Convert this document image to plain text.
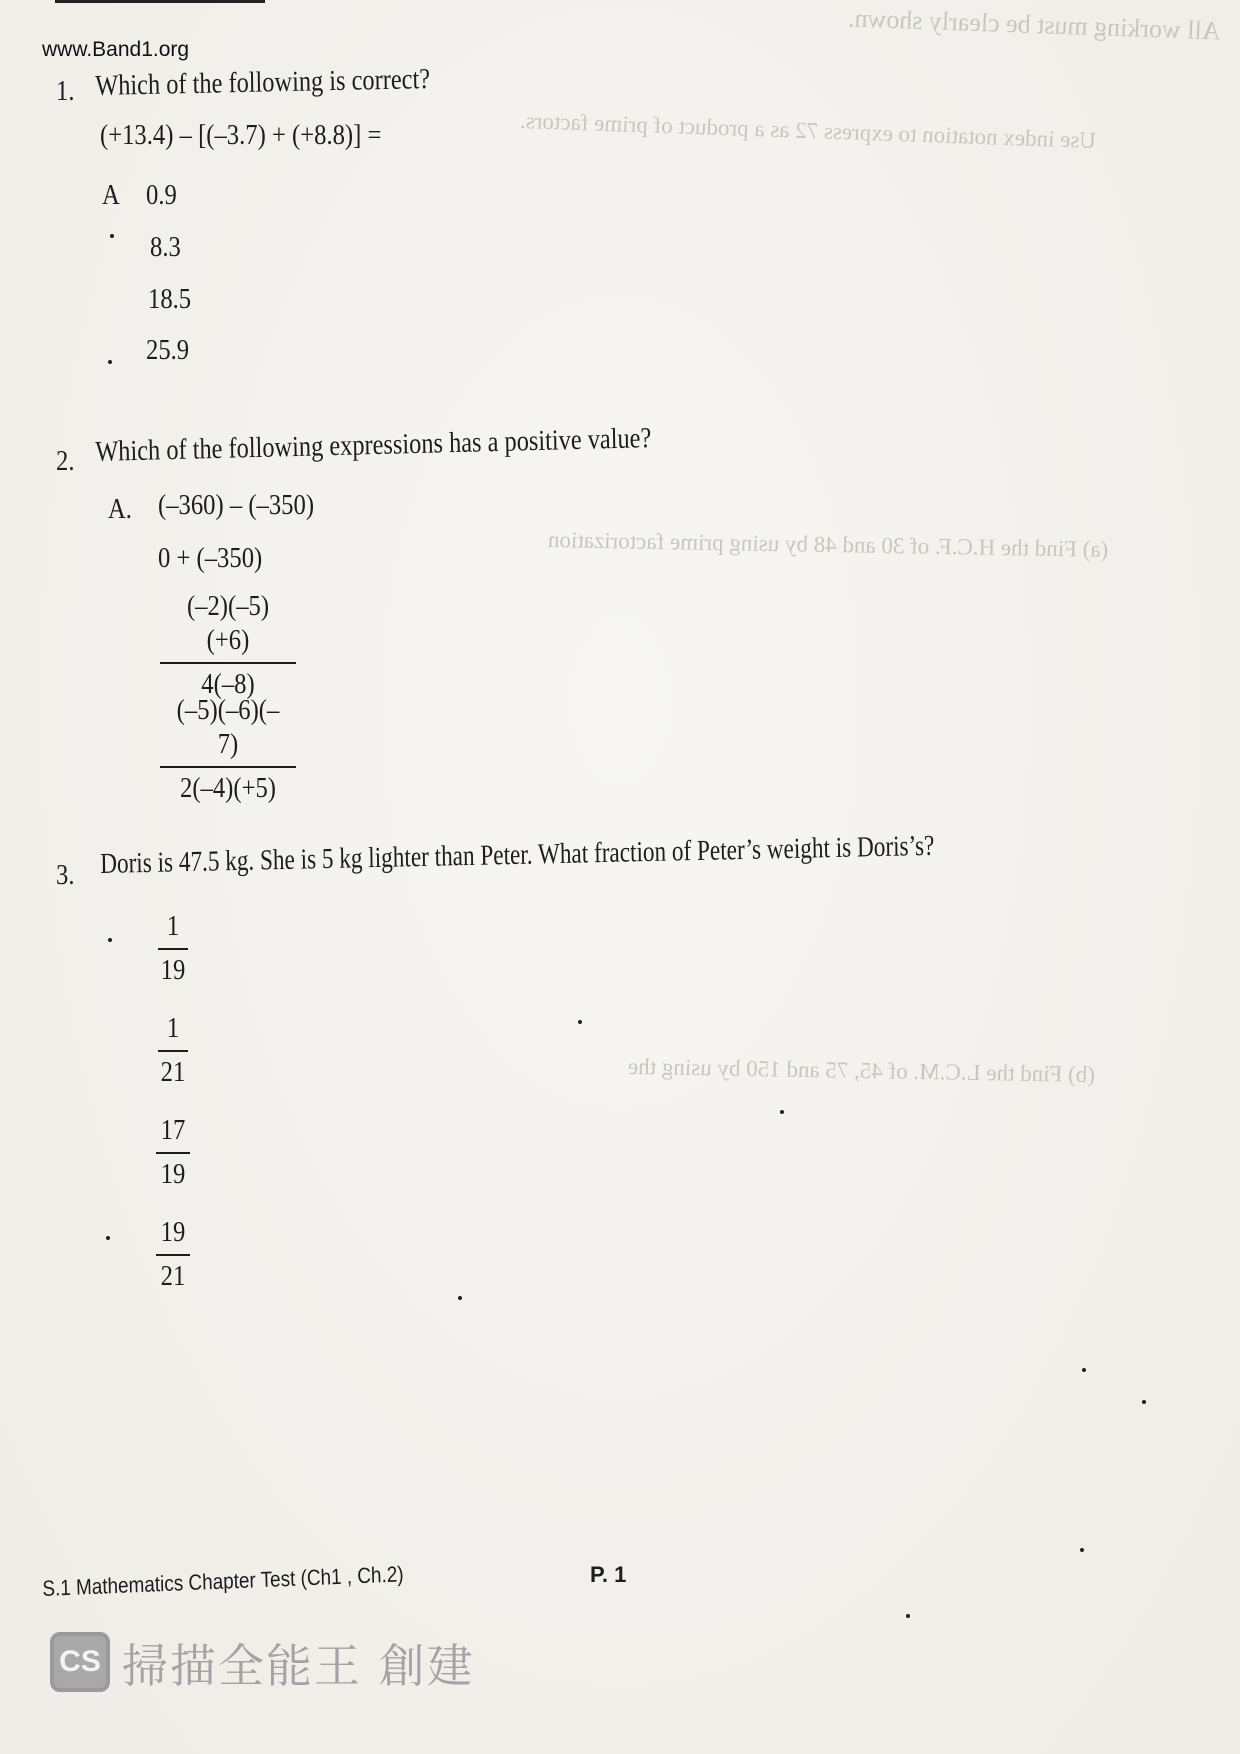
All working must be clearly shown.
Use index notation to express 72 as a product of prime factors.
(a) Find the H.C.F. of 30 and 48 by using prime factorization
(b) Find the L.C.M. of 45, 75 and 150 by using the
www.Band1.org
1. Which of the following is correct?
(+13.4) – [(–3.7) + (+8.8)] =
A 0.9
8.3
18.5
25.9
2. Which of the following expressions has a positive value?
A. (–360) – (–350)
0 + (–350)
(–2)(–5)(+6)
4(–8)
(–5)(–6)(–7)
2(–4)(+5)
3. Doris is 47.5 kg. She is 5 kg lighter than Peter. What fraction of Peter’s weight is Doris’s?
1
19
1
21
17
19
19
21
S.1 Mathematics Chapter Test (Ch1 , Ch.2)	P. 1
CS 掃描全能王 創建
